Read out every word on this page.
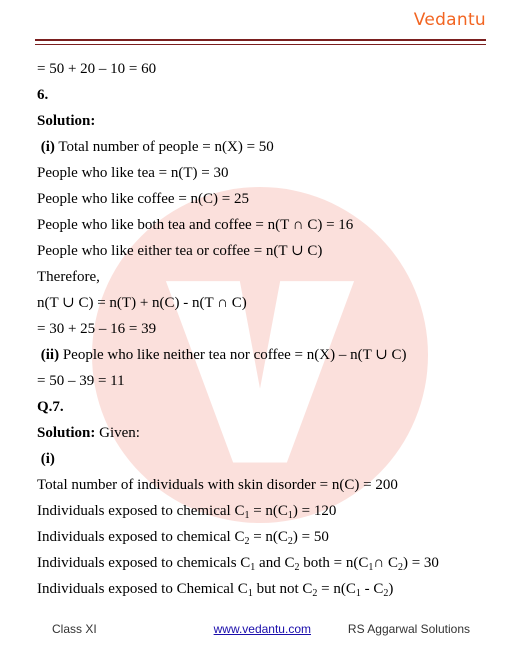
Vedantu
= 50 + 20 – 10 = 60
6.
Solution:
(i) Total number of people = n(X) = 50
People who like tea = n(T) = 30
People who like coffee = n(C) = 25
People who like both tea and coffee = n(T ∩ C) = 16
People who like either tea or coffee = n(T ∪ C)
Therefore,
n(T ∪ C) = n(T) + n(C) - n(T ∩ C)
= 30 + 25 – 16 = 39
(ii) People who like neither tea nor coffee = n(X) – n(T ∪ C)
= 50 – 39 = 11
Q.7.
Solution: Given:
(i)
Total number of individuals with skin disorder = n(C) = 200
Individuals exposed to chemical $C_1 = n(C_1) = 120$
Individuals exposed to chemical $C_2 = n(C_2) = 50$
Individuals exposed to chemicals $C_1$ and $C_2$ both = $n(C_1\cap$ $C_2) = 30$
Individuals exposed to Chemical $C_1$ but not $C_2 = n(C_1 - C_2)$
Class XI	www.vedantu.com	RS Aggarwal Solutions
